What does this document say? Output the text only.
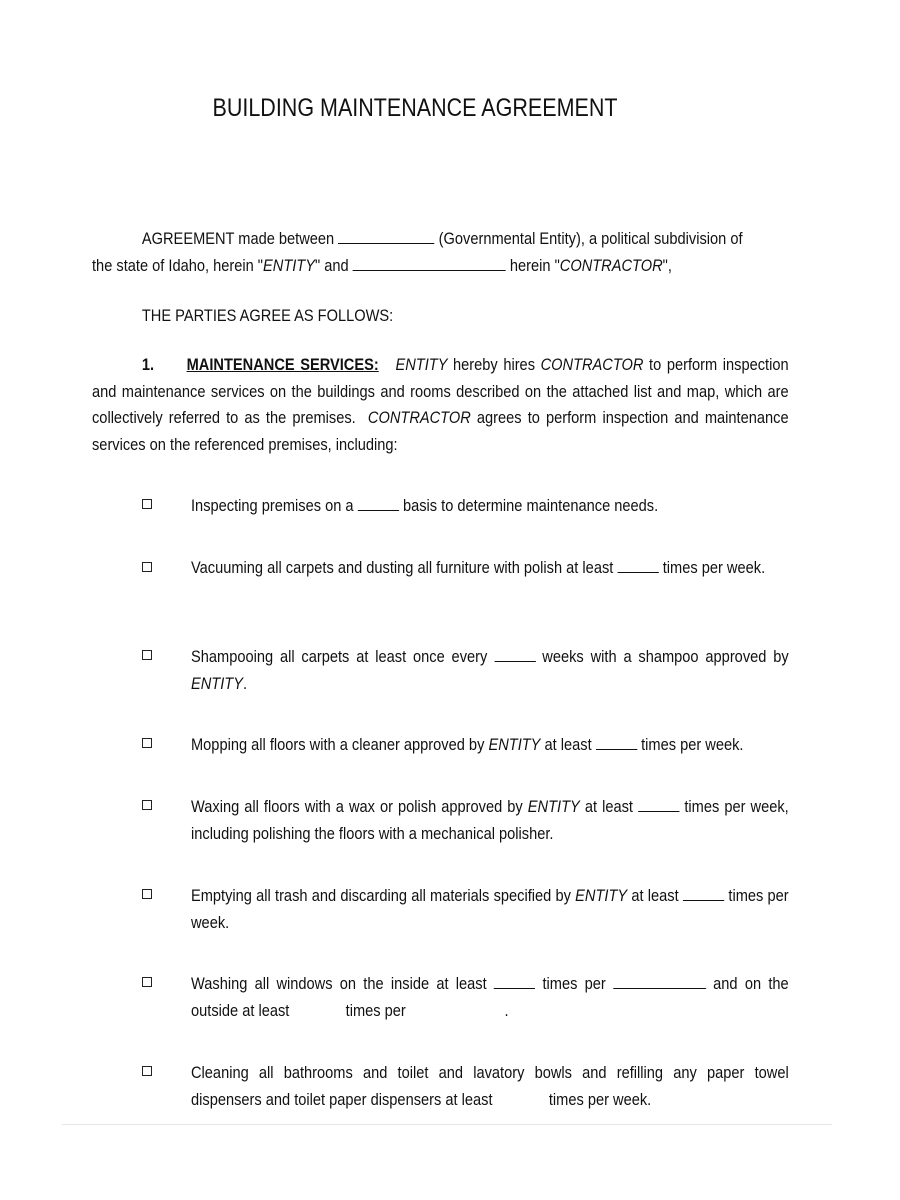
BUILDING MAINTENANCE AGREEMENT
AGREEMENT made between	(Governmental Entity), a political subdivision of
the state of Idaho, herein "ENTITY" and	herein "CONTRACTOR",
THE PARTIES AGREE AS FOLLOWS:
1. MAINTENANCE SERVICES: ENTITY hereby hires CONTRACTOR to perform inspection and maintenance services on the buildings and rooms described on the attached list and map, which are collectively referred to as the premises. CONTRACTOR agrees to perform inspection and maintenance services on the referenced premises, including:
Inspecting premises on a	basis to determine maintenance needs.
Vacuuming all carpets and dusting all furniture with polish at least	times per week.
Shampooing all carpets at least once every	weeks with a shampoo approved by ENTITY.
Mopping all floors with a cleaner approved by ENTITY at least	times per week.
Waxing all floors with a wax or polish approved by ENTITY at least	times per week, including polishing the floors with a mechanical polisher.
Emptying all trash and discarding all materials specified by ENTITY at least	times per week.
Washing all windows on the inside at least	times per	and on the outside at least	times per	.
Cleaning all bathrooms and toilet and lavatory bowls and refilling any paper towel dispensers and toilet paper dispensers at least	times per week.
